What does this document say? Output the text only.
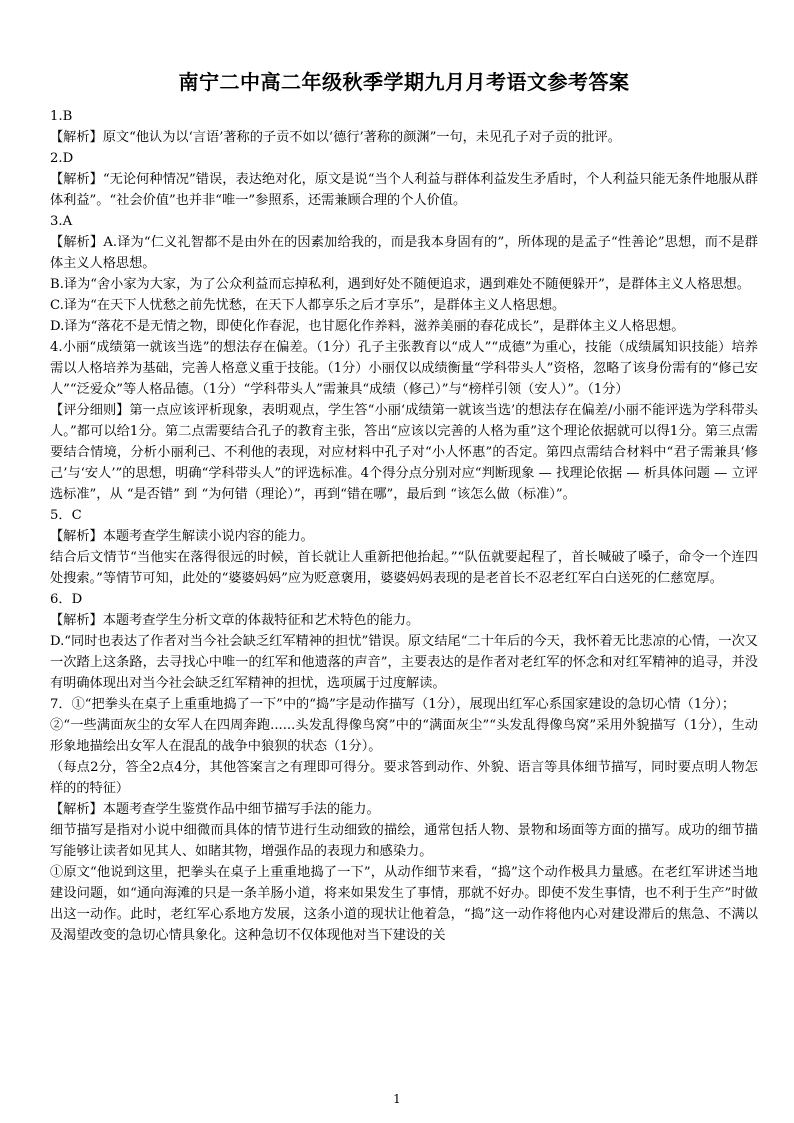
南宁二中高二年级秋季学期九月月考语文参考答案

1.B

【解析】原文“他认为以‘言语’著称的子贡不如以‘德行’著称的颜渊”一句，未见孔子对子贡的批评。

2.D

【解析】“无论何种情况”错误，表达绝对化，原文是说“当个人利益与群体利益发生矛盾时，个人利益只能无条件地服从群体利益”。“社会价值”也并非“唯一”参照系，还需兼顾合理的个人价值。

3.A

【解析】A.译为“仁义礼智都不是由外在的因素加给我的，而是我本身固有的”，所体现的是孟子“性善论”思想，而不是群体主义人格思想。

B.译为“舍小家为大家，为了公众利益而忘掉私利，遇到好处不随便追求，遇到难处不随便躲开”，是群体主义人格思想。

C.译为“在天下人忧愁之前先忧愁，在天下人都享乐之后才享乐”，是群体主义人格思想。

D.译为“落花不是无情之物，即使化作春泥，也甘愿化作养料，滋养美丽的春花成长”，是群体主义人格思想。

4.小丽“成绩第一就该当选”的想法存在偏差。（1分）孔子主张教育以“成人”“成德”为重心，技能（成绩属知识技能）培养需以人格培养为基础，完善人格意义重于技能。（1分）小丽仅以成绩衡量“学科带头人”资格，忽略了该身份需有的“修己安人”“泛爱众”等人格品德。（1分）“学科带头人”需兼具“成绩（修己）”与“榜样引领（安人）”。（1分）

【评分细则】第一点应该评析现象，表明观点，学生答“小丽‘成绩第一就该当选’的想法存在偏差/小丽不能评选为学科带头人。”都可以给1分。第二点需要结合孔子的教育主张，答出“应该以完善的人格为重”这个理论依据就可以得1分。第三点需要结合情境，分析小丽利己、不利他的表现，对应材料中孔子对“小人怀惠”的否定。第四点需结合材料中“君子需兼具‘修己’与‘安人’”的思想，明确“学科带头人”的评选标准。4个得分点分别对应“判断现象 — 找理论依据 — 析具体问题 — 立评选标准”，从 “是否错” 到 “为何错（理论）”，再到“错在哪”，最后到 “该怎么做（标准）”。

5．C

【解析】本题考查学生解读小说内容的能力。

结合后文情节“当他实在落得很远的时候，首长就让人重新把他抬起。”“队伍就要起程了，首长喊破了嗓子，命令一个连四处搜索。”等情节可知，此处的“婆婆妈妈”应为贬意褒用，婆婆妈妈表现的是老首长不忍老红军白白送死的仁慈宽厚。

6．D

【解析】本题考查学生分析文章的体裁特征和艺术特色的能力。

D.“同时也表达了作者对当今社会缺乏红军精神的担忧”错误。原文结尾“二十年后的今天，我怀着无比悲凉的心情，一次又一次踏上这条路，去寻找心中唯一的红军和他遗落的声音”，主要表达的是作者对老红军的怀念和对红军精神的追寻，并没有明确体现出对当今社会缺乏红军精神的担忧，选项属于过度解读。

7．①“把拳头在桌子上重重地捣了一下”中的“捣”字是动作描写（1分），展现出红军心系国家建设的急切心情（1分）；

②“一些满面灰尘的女军人在四周奔跑......头发乱得像鸟窝”中的“满面灰尘”“头发乱得像鸟窝”采用外貌描写（1分），生动形象地描绘出女军人在混乱的战争中狼狈的状态（1分）。

（每点2分，答全2点4分，其他答案言之有理即可得分。要求答到动作、外貌、语言等具体细节描写，同时要点明人物怎样的的特征）

【解析】本题考查学生鉴赏作品中细节描写手法的能力。

细节描写是指对小说中细微而具体的情节进行生动细致的描绘，通常包括人物、景物和场面等方面的描写。成功的细节描写能够让读者如见其人、如睹其物，增强作品的表现力和感染力。

①原文“他说到这里，把拳头在桌子上重重地捣了一下”，从动作细节来看，“捣”这个动作极具力量感。在老红军讲述当地建设问题，如“通向海滩的只是一条羊肠小道，将来如果发生了事情，那就不好办。即使不发生事情，也不利于生产”时做出这一动作。此时，老红军心系地方发展，这条小道的现状让他着急，“捣”这一动作将他内心对建设滞后的焦急、不满以及渴望改变的急切心情具象化。这种急切不仅体现他对当下建设的关

1
